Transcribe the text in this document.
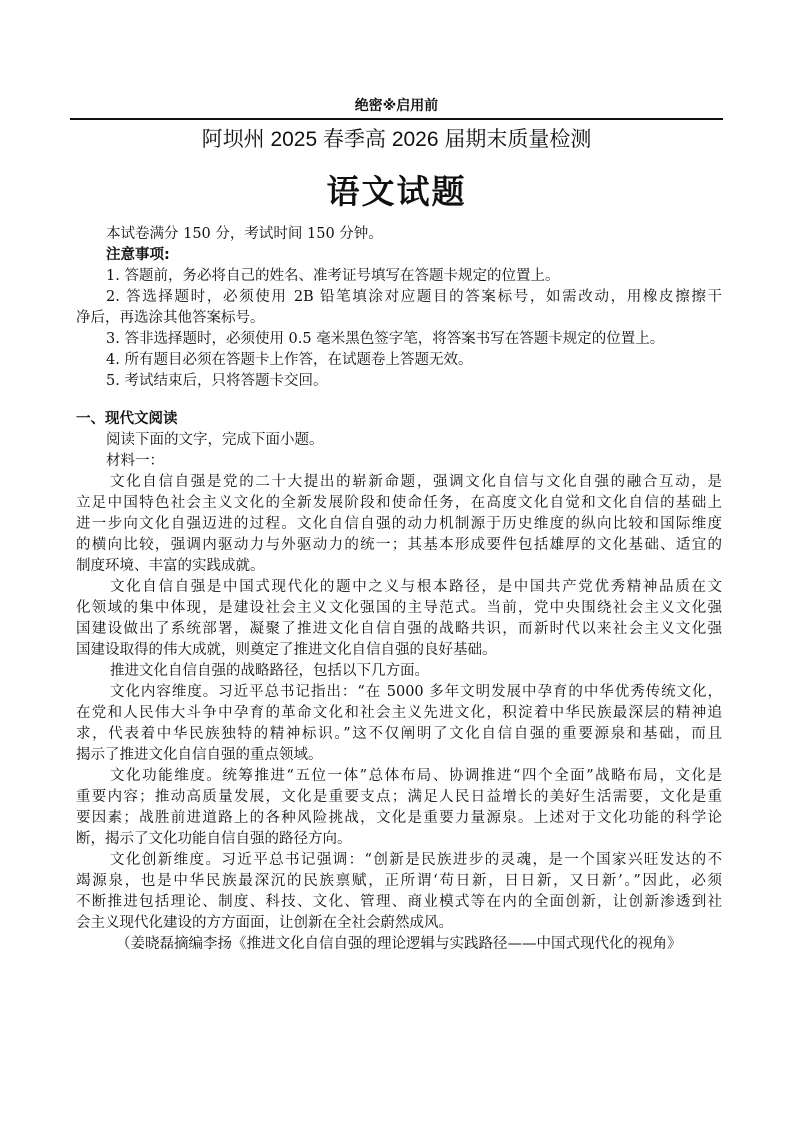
绝密※启用前
阿坝州 2025 春季高 2026 届期末质量检测
语文试题
本试卷满分 150 分，考试时间 150 分钟。
注意事项:
1. 答题前，务必将自己的姓名、准考证号填写在答题卡规定的位置上。
2. 答选择题时，必须使用 2B 铅笔填涂对应题目的答案标号，如需改动，用橡皮擦擦干
净后，再选涂其他答案标号。
3. 答非选择题时，必须使用 0.5 毫米黑色签字笔，将答案书写在答题卡规定的位置上。
4. 所有题目必须在答题卡上作答，在试题卷上答题无效。
5. 考试结束后，只将答题卡交回。
一、现代文阅读
阅读下面的文字，完成下面小题。
材料一：
文化自信自强是党的二十大提出的崭新命题，强调文化自信与文化自强的融合互动，是
立足中国特色社会主义文化的全新发展阶段和使命任务，在高度文化自觉和文化自信的基础上
进一步向文化自强迈进的过程。文化自信自强的动力机制源于历史维度的纵向比较和国际维度
的横向比较，强调内驱动力与外驱动力的统一；其基本形成要件包括雄厚的文化基础、适宜的
制度环境、丰富的实践成就。
文化自信自强是中国式现代化的题中之义与根本路径，是中国共产党优秀精神品质在文
化领域的集中体现，是建设社会主义文化强国的主导范式。当前，党中央围绕社会主义文化强
国建设做出了系统部署，凝聚了推进文化自信自强的战略共识，而新时代以来社会主义文化强
国建设取得的伟大成就，则奠定了推进文化自信自强的良好基础。
推进文化自信自强的战略路径，包括以下几方面。
文化内容维度。习近平总书记指出：“在 5000 多年文明发展中孕育的中华优秀传统文化，
在党和人民伟大斗争中孕育的革命文化和社会主义先进文化，积淀着中华民族最深层的精神追
求，代表着中华民族独特的精神标识。”这不仅阐明了文化自信自强的重要源泉和基础，而且
揭示了推进文化自信自强的重点领域。
文化功能维度。统筹推进“五位一体”总体布局、协调推进“四个全面”战略布局，文化是
重要内容；推动高质量发展，文化是重要支点；满足人民日益增长的美好生活需要，文化是重
要因素；战胜前进道路上的各种风险挑战，文化是重要力量源泉。上述对于文化功能的科学论
断，揭示了文化功能自信自强的路径方向。
文化创新维度。习近平总书记强调：“创新是民族进步的灵魂，是一个国家兴旺发达的不
竭源泉，也是中华民族最深沉的民族禀赋，正所谓‘苟日新，日日新，又日新’。”因此，必须
不断推进包括理论、制度、科技、文化、管理、商业模式等在内的全面创新，让创新渗透到社
会主义现代化建设的方方面面，让创新在全社会蔚然成风。
（姜晓磊摘编李扬《推进文化自信自强的理论逻辑与实践路径——中国式现代化的视角》
